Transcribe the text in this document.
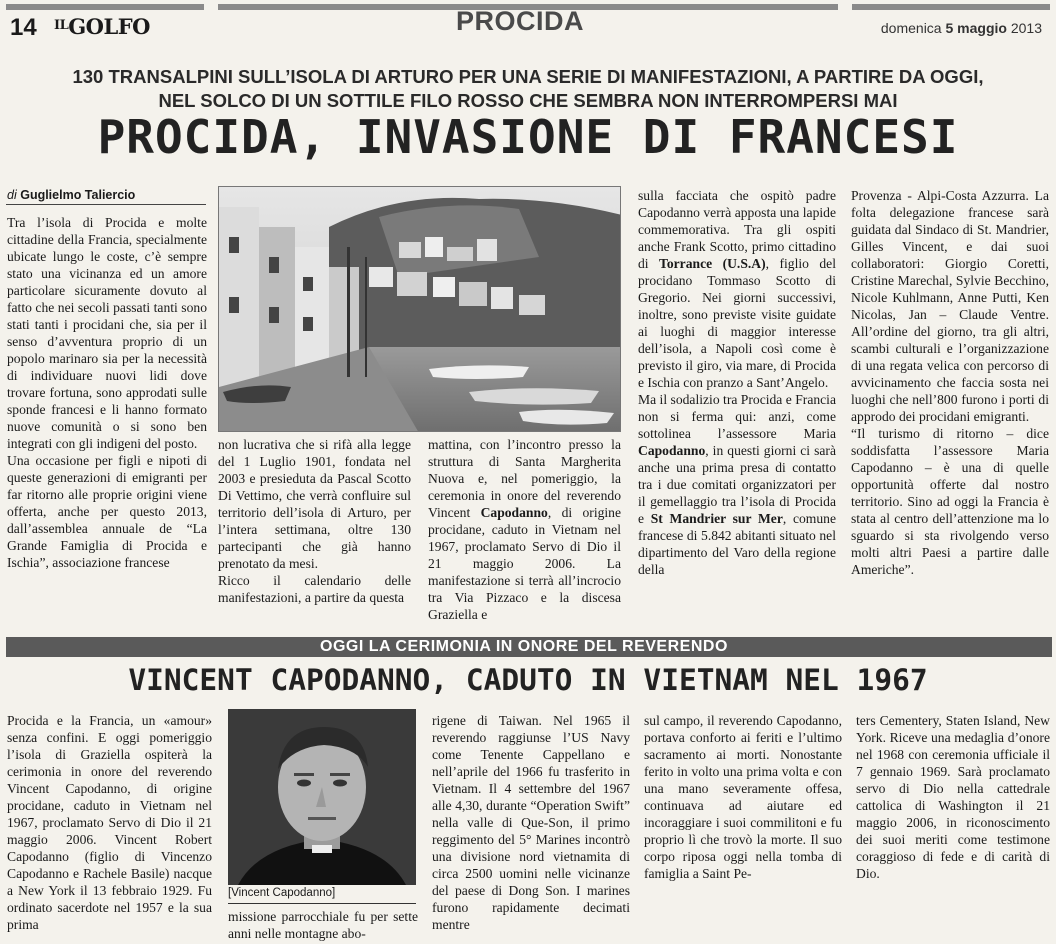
14 $^{IL}$GOLFO	PROCIDA	domenica 5 maggio 2013
130 TRANSALPINI SULL’ISOLA DI ARTURO PER UNA SERIE DI MANIFESTAZIONI, A PARTIRE DA OGGI,
NEL SOLCO DI UN SOTTILE FILO ROSSO CHE SEMBRA NON INTERROMPERSI MAI
PROCIDA, INVASIONE DI FRANCESI
di Guglielmo Taliercio

Tra l’isola di Procida e molte cittadine della Francia, specialmente ubicate lungo le coste, c’è sempre stato una vicinanza ed un amore particolare sicuramente dovuto al fatto che nei secoli passati tanti sono stati tanti i procidani che, sia per il senso d’avventura proprio di un popolo marinaro sia per la necessità di individuare nuovi lidi dove trovare fortuna, sono approdati sulle sponde francesi e li hanno formato nuove comunità o si sono ben integrati con gli indigeni del posto.

Una occasione per figli e nipoti di queste generazioni di emigranti per far ritorno alle proprie origini viene offerta, anche per questo 2013, dall’assemblea annuale de “La Grande Famiglia di Procida e Ischia”, associazione francese

non lucrativa che si rifà alla legge del 1 Luglio 1901, fondata nel 2003 e presieduta da Pascal Scotto Di Vettimo, che verrà confluire sul territorio dell’isola di Arturo, per l’intera settimana, oltre 130 partecipanti che già hanno prenotato da mesi.

Ricco il calendario delle manifestazioni, a partire da questa

mattina, con l’incontro presso la struttura di Santa Margherita Nuova e, nel pomeriggio, la ceremonia in onore del reverendo Vincent Capodanno, di origine procidane, caduto in Vietnam nel 1967, proclamato Servo di Dio il 21 maggio 2006. La manifestazione si terrà all’incrocio tra Via Pizzaco e la discesa Graziella e

sulla facciata che ospitò padre Capodanno verrà apposta una lapide commemorativa. Tra gli ospiti anche Frank Scotto, primo cittadino di Torrance (U.S.A), figlio del procidano Tommaso Scotto di Gregorio. Nei giorni successivi, inoltre, sono previste visite guidate ai luoghi di maggior interesse dell’isola, a Napoli così come è previsto il giro, via mare, di Procida e Ischia con pranzo a Sant’Angelo.

Ma il sodalizio tra Procida e Francia non si ferma qui: anzi, come sottolinea l’assessore Maria Capodanno, in questi giorni ci sarà anche una prima presa di contatto tra i due comitati organizzatori per il gemellaggio tra l’isola di Procida e St Mandrier sur Mer, comune francese di 5.842 abitanti situato nel dipartimento del Varo della regione della

Provenza - Alpi-Costa Azzurra. La folta delegazione francese sarà guidata dal Sindaco di St. Mandrier, Gilles Vincent, e dai suoi collaboratori: Giorgio Coretti, Cristine Marechal, Sylvie Becchino, Nicole Kuhlmann, Anne Putti, Ken Nicolas, Jan – Claude Ventre. All’ordine del giorno, tra gli altri, scambi culturali e l’organizzazione di una regata velica con percorso di avvicinamento che faccia sosta nei luoghi che nell’800 furono i porti di approdo dei procidani emigranti.

“Il turismo di ritorno – dice soddisfatta l’assessore Maria Capodanno – è una di quelle opportunità offerte dal nostro territorio. Sino ad oggi la Francia è stata al centro dell’attenzione ma lo sguardo si sta rivolgendo verso molti altri Paesi a partire dalle Americhe”.

OGGI LA CERIMONIA IN ONORE DEL REVERENDO
VINCENT CAPODANNO, CADUTO IN VIETNAM NEL 1967

Procida e la Francia, un «amour» senza confini. E oggi pomeriggio l’isola di Graziella ospiterà la cerimonia in onore del reverendo Vincent Capodanno, di origine procidane, caduto in Vietnam nel 1967, proclamato Servo di Dio il 21 maggio 2006. Vincent Robert Capodanno (figlio di Vincenzo Capodanno e Rachele Basile) nacque a New York il 13 febbraio 1929. Fu ordinato sacerdote nel 1957 e la sua prima

[Vincent Capodanno]

missione parrocchiale fu per sette anni nelle montagne abo-

rigene di Taiwan. Nel 1965 il reverendo raggiunse l’US Navy come Tenente Cappellano e nell’aprile del 1966 fu trasferito in Vietnam. Il 4 settembre del 1967 alle 4,30, durante “Operation Swift” nella valle di Que-Son, il primo reggimento del 5° Marines incontrò una divisione nord vietnamita di circa 2500 uomini nelle vicinanze del paese di Dong Son. I marines furono rapidamente decimati mentre

sul campo, il reverendo Capodanno, portava conforto ai feriti e l’ultimo sacramento ai morti. Nonostante ferito in volto una prima volta e con una mano severamente offesa, continuava ad aiutare ed incoraggiare i suoi commilitoni e fu proprio lì che trovò la morte. Il suo corpo riposa oggi nella tomba di famiglia a Saint Pe-

ters Cementery, Staten Island, New York. Riceve una medaglia d’onore nel 1968 con ceremonia ufficiale il 7 gennaio 1969. Sarà proclamato servo di Dio nella cattedrale cattolica di Washington il 21 maggio 2006, in riconoscimento dei suoi meriti come testimone coraggioso di fede e di carità di Dio.
